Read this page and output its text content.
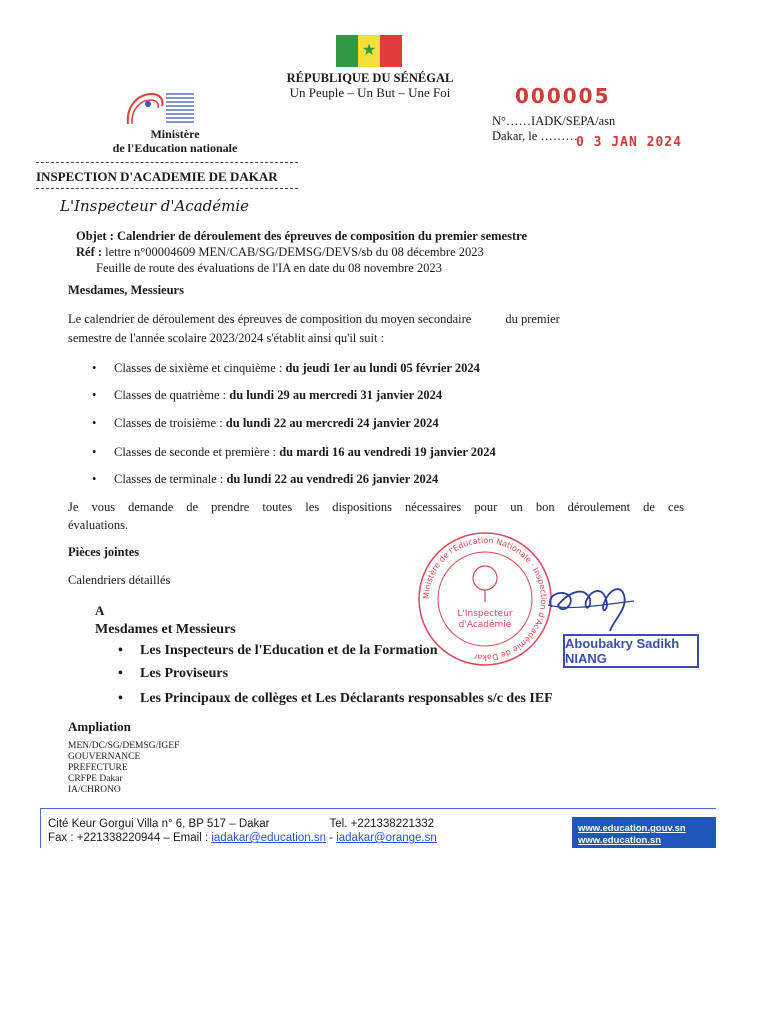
★
RÉPUBLIQUE DU SÉNÉGAL
Un Peuple – Un But – Une Foi	000005
Ministère
de l'Education nationale
N°……IADK/SEPA/asn
Dakar, le ………
0 3 JAN 2024
INSPECTION D'ACADEMIE DE DAKAR
L'Inspecteur d'Académie
Objet : Calendrier de déroulement des épreuves de composition du premier semestre
Réf : lettre n°00004609 MEN/CAB/SG/DEMSG/DEVS/sb du 08 décembre 2023
Feuille de route des évaluations de l'IA en date du 08 novembre 2023
Mesdames, Messieurs
Le calendrier de déroulement des épreuves de composition du moyen secondaire	du premier
semestre de l'année scolaire 2023/2024 s'établit ainsi qu'il suit :
• Classes de sixième et cinquième : du jeudi 1er au lundi 05 février 2024
• Classes de quatrième : du lundi 29 au mercredi 31 janvier 2024
• Classes de troisième : du lundi 22 au mercredi 24 janvier 2024
• Classes de seconde et première : du mardi 16 au vendredi 19 janvier 2024
• Classes de terminale : du lundi 22 au vendredi 26 janvier 2024
Je vous demande de prendre toutes les dispositions nécessaires pour un bon déroulement de ces
évaluations.
Pièces jointes
Calendriers détaillés
A
Mesdames et Messieurs
• Les Inspecteurs de l'Education et de la Formation
• Les Proviseurs
• Les Principaux de collèges et Les Déclarants responsables s/c des IEF
Ministère de l'Education Nationale · Inspection d'Académie de Dakar
L'Inspecteur
d'Académie
Aboubakry Sadikh NIANG
Ampliation
MEN/DC/SG/DEMSG/IGEF
GOUVERNANCE
PREFECTURE
CRFPE Dakar
IA/CHRONO
Cité Keur Gorgui Villa n° 6, BP 517 – Dakar	Tel. +221338221332
Fax : +221338220944 – Email : iadakar@education.sn - iadakar@orange.sn
www.education.gouv.sn
www.education.sn
